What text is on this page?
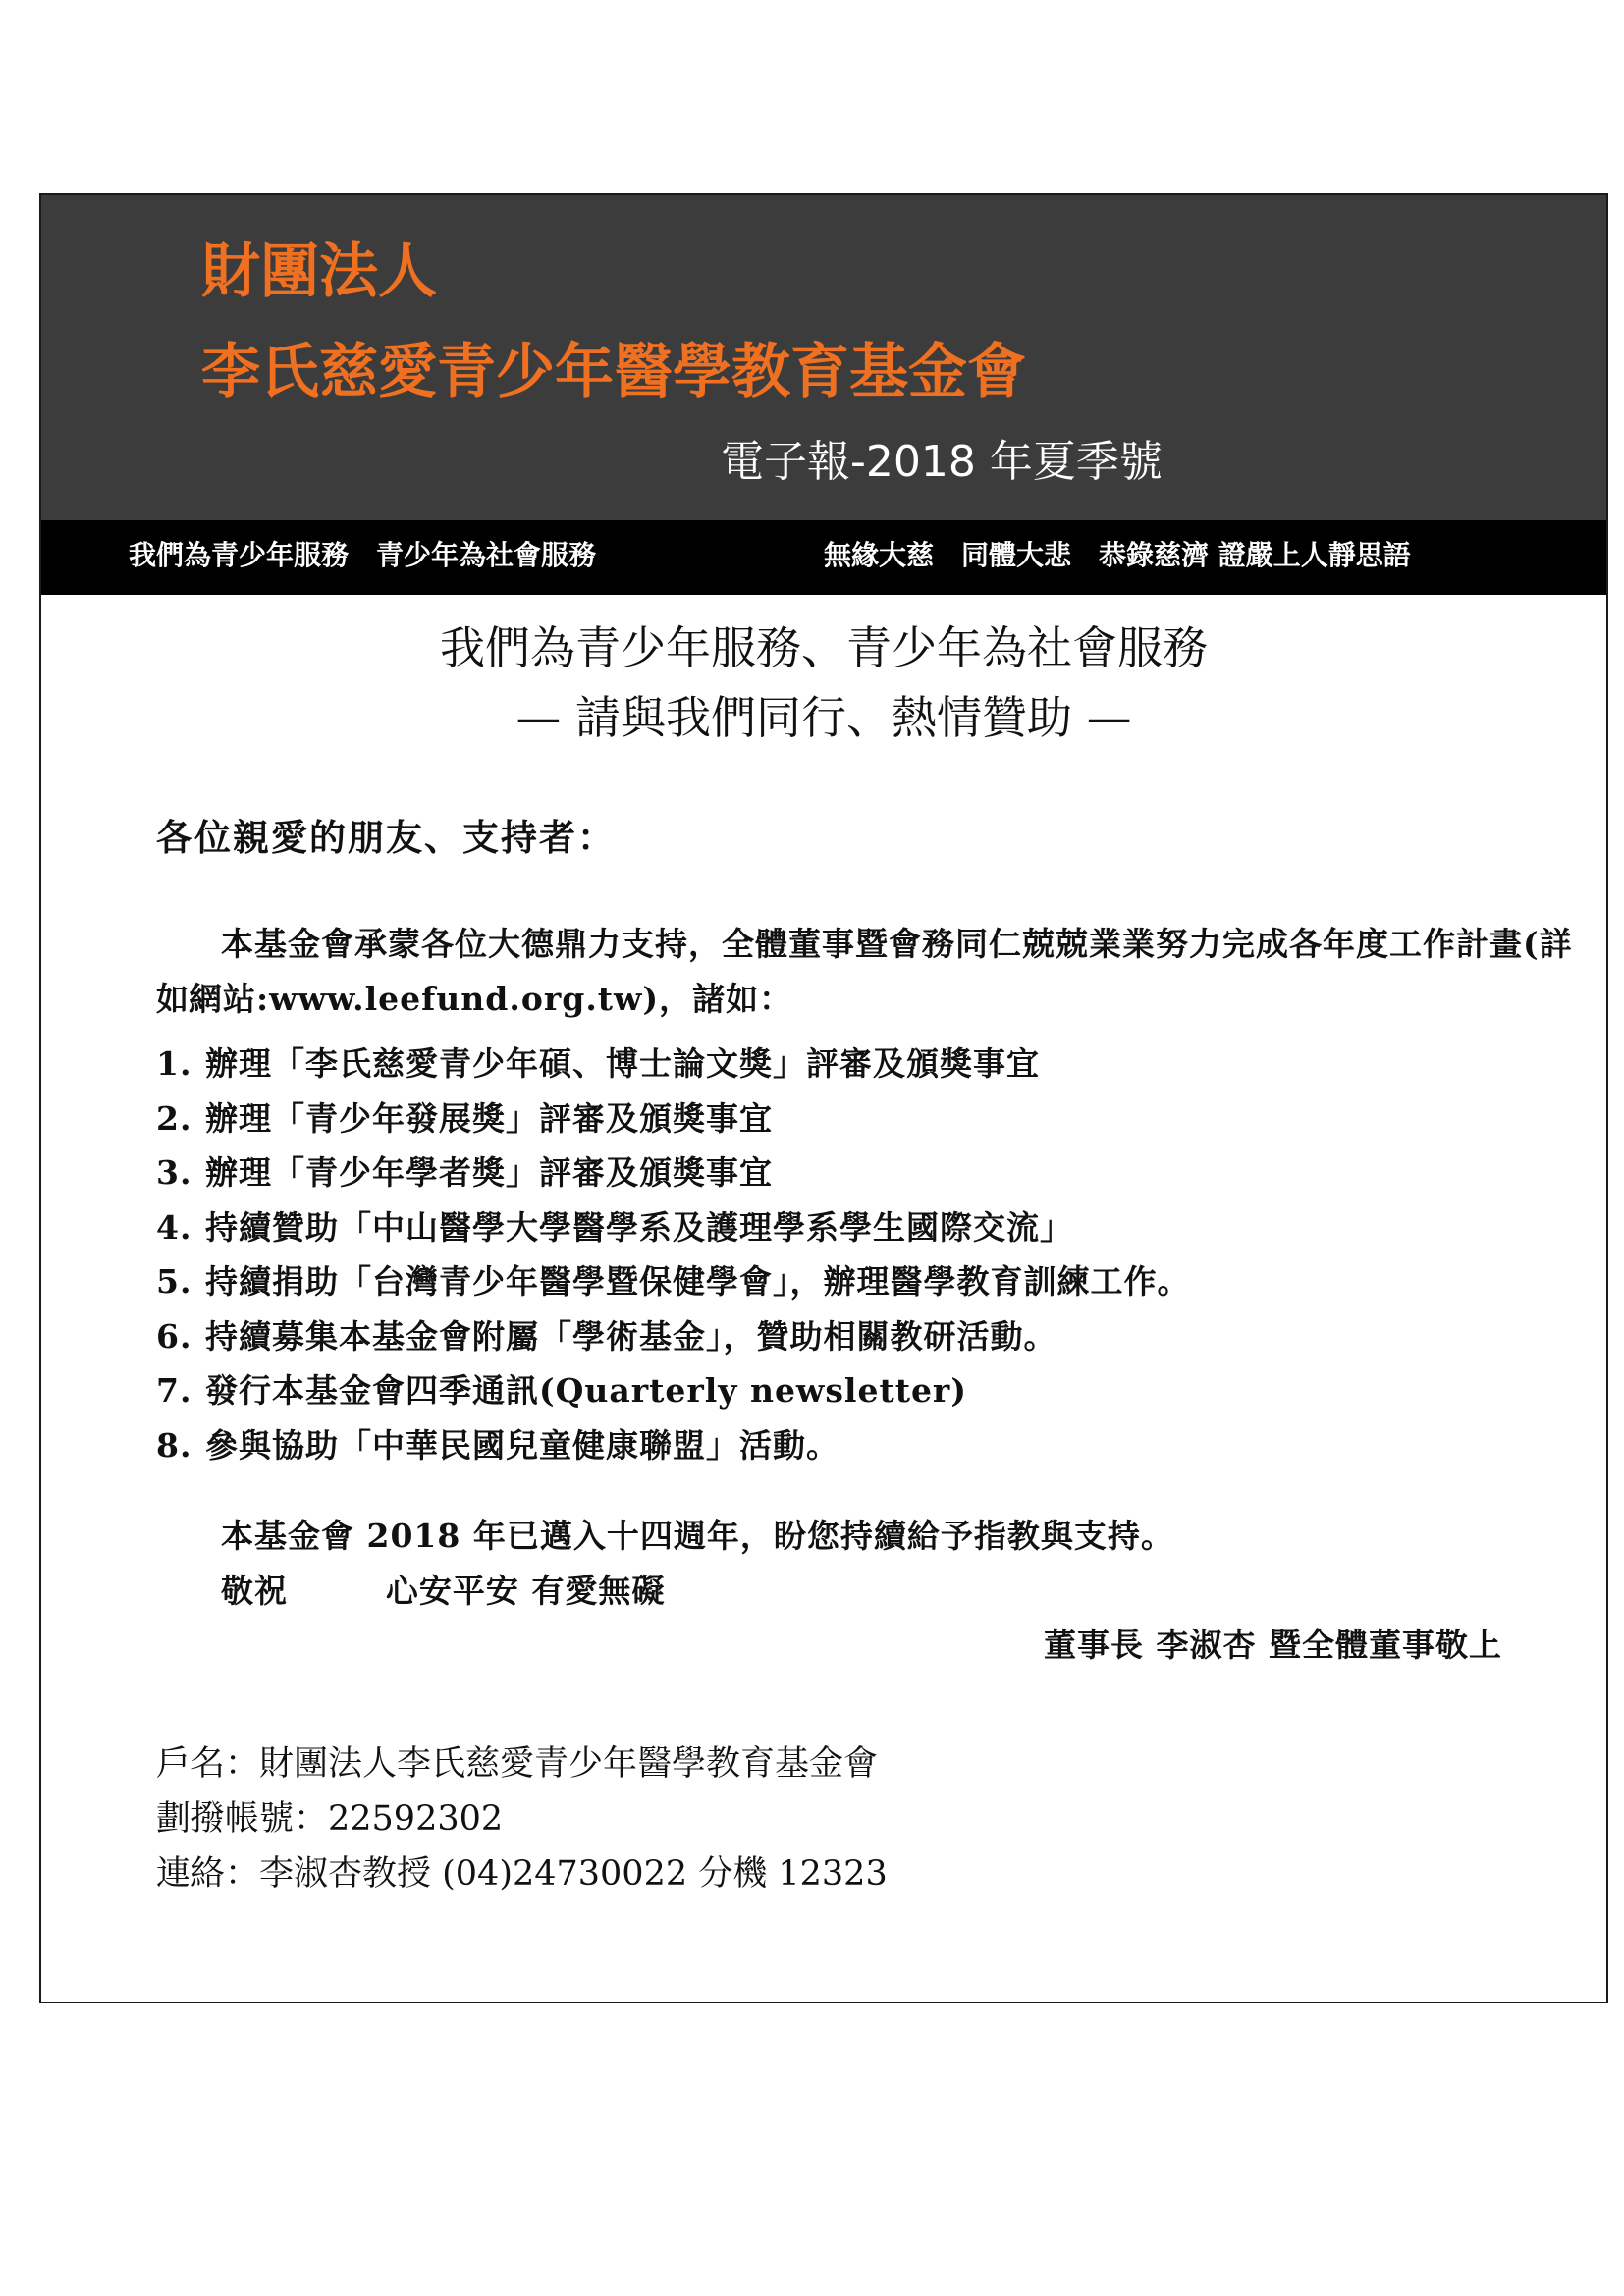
財團法人
李氏慈愛青少年醫學教育基金會
電子報-2018 年夏季號
我們為青少年服務　青少年為社會服務	無緣大慈　同體大悲　恭錄慈濟 證嚴上人靜思語
我們為青少年服務、青少年為社會服務
— 請與我們同行、熱情贊助 —
各位親愛的朋友、支持者：
本基金會承蒙各位大德鼎力支持，全體董事暨會務同仁兢兢業業努力完成各年度工作計畫(詳如網站:www.leefund.org.tw)，諸如：
1. 辦理「李氏慈愛青少年碩、博士論文獎」評審及頒獎事宜
2. 辦理「青少年發展獎」評審及頒獎事宜
3. 辦理「青少年學者獎」評審及頒獎事宜
4. 持續贊助「中山醫學大學醫學系及護理學系學生國際交流」
5. 持續捐助「台灣青少年醫學暨保健學會」，辦理醫學教育訓練工作。
6. 持續募集本基金會附屬「學術基金」，贊助相關教研活動。
7. 發行本基金會四季通訊(Quarterly newsletter)
8. 參與協助「中華民國兒童健康聯盟」活動。
本基金會 2018 年已邁入十四週年，盼您持續給予指教與支持。
敬祝        心安平安 有愛無礙
董事長 李淑杏 暨全體董事敬上
戶名：財團法人李氏慈愛青少年醫學教育基金會
劃撥帳號：22592302
連絡：李淑杏教授 (04)24730022 分機 12323
